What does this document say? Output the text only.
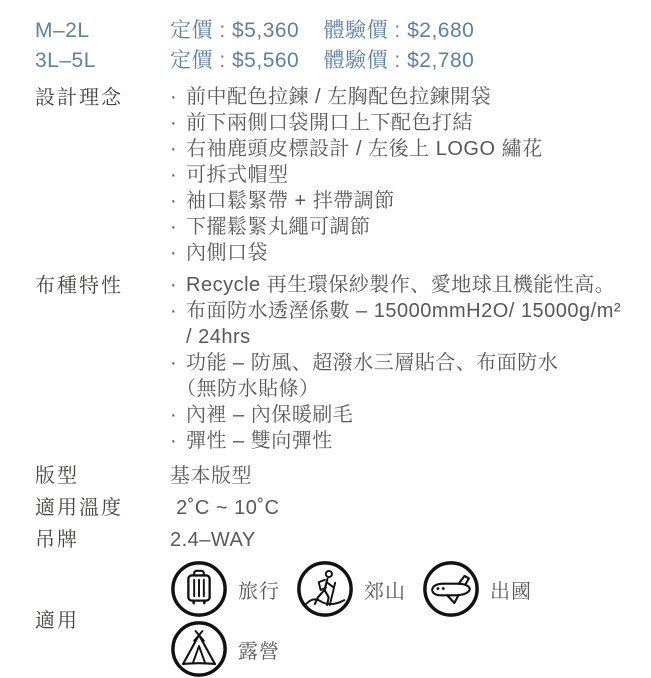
M–2L	定價 : $5,360 體驗價 : $2,680
3L–5L	定價 : $5,560 體驗價 : $2,780
設計理念	· 前中配色拉鍊 / 左胸配色拉鍊開袋
· 前下兩側口袋開口上下配色打結
· 右袖鹿頭皮標設計 / 左後上 LOGO 繡花
· 可拆式帽型
· 袖口鬆緊帶 + 拌帶調節
· 下擺鬆緊丸繩可調節
· 內側口袋
布種特性	· Recycle 再生環保紗製作、愛地球且機能性高。
· 布面防水透溼係數 – 15000mmH2O/ 15000g/m²
/ 24hrs
· 功能 – 防風、超潑水三層貼合、布面防水
（無防水貼條）
· 內裡 – 內保暖刷毛
· 彈性 – 雙向彈性
版型	基本版型
適用溫度	2˚C ~ 10˚C
吊牌	2.4–WAY
適用
旅行	郊山	出國
露營
